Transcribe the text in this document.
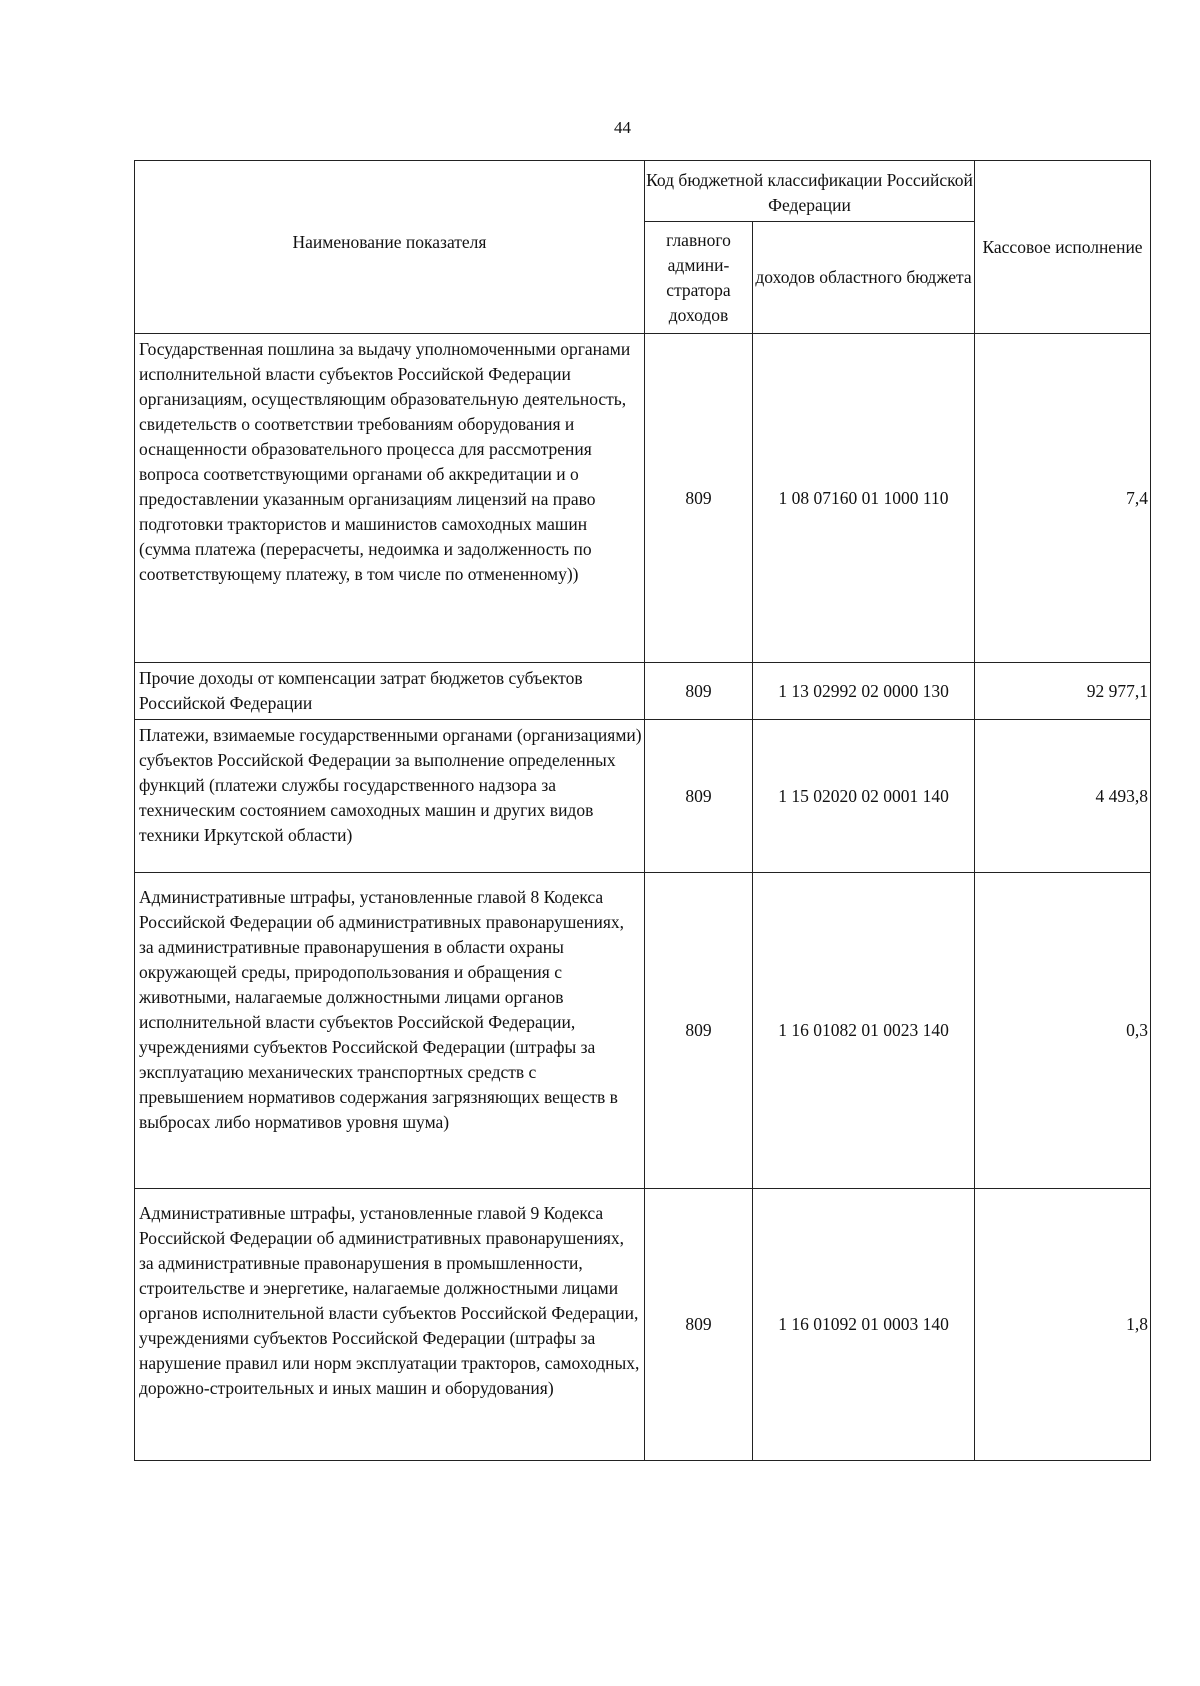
44
Наименование показателя	Код бюджетной классификации Российской Федерации		Кассовое исполнение
	главного админи-стратора доходов	доходов областного бюджета	
Государственная пошлина за выдачу уполномоченными органами исполнительной власти субъектов Российской Федерации организациям, осуществляющим образовательную деятельность, свидетельств о соответствии требованиям оборудования и оснащенности образовательного процесса для рассмотрения вопроса соответствующими органами об аккредитации и о предоставлении указанным организациям лицензий на право подготовки трактористов и машинистов самоходных машин (сумма платежа (перерасчеты, недоимка и задолженность по соответствующему платежу, в том числе по отмененному))	809	1 08 07160 01 1000 110	7,4
Прочие доходы от компенсации затрат бюджетов субъектов Российской Федерации	809	1 13 02992 02 0000 130	92 977,1
Платежи, взимаемые государственными органами (организациями) субъектов Российской Федерации за выполнение определенных функций (платежи службы государственного надзора за техническим состоянием самоходных машин и других видов техники Иркутской области)	809	1 15 02020 02 0001 140	4 493,8
Административные штрафы, установленные главой 8 Кодекса Российской Федерации об административных правонарушениях, за административные правонарушения в области охраны окружающей среды, природопользования и обращения с животными, налагаемые должностными лицами органов исполнительной власти субъектов Российской Федерации, учреждениями субъектов Российской Федерации (штрафы за эксплуатацию механических транспортных средств с превышением нормативов содержания загрязняющих веществ в выбросах либо нормативов уровня шума)	809	1 16 01082 01 0023 140	0,3
Административные штрафы, установленные главой 9 Кодекса Российской Федерации об административных правонарушениях, за административные правонарушения в промышленности, строительстве и энергетике, налагаемые должностными лицами органов исполнительной власти субъектов Российской Федерации, учреждениями субъектов Российской Федерации (штрафы за нарушение правил или норм эксплуатации тракторов, самоходных, дорожно-строительных и иных машин и оборудования)	809	1 16 01092 01 0003 140	1,8
